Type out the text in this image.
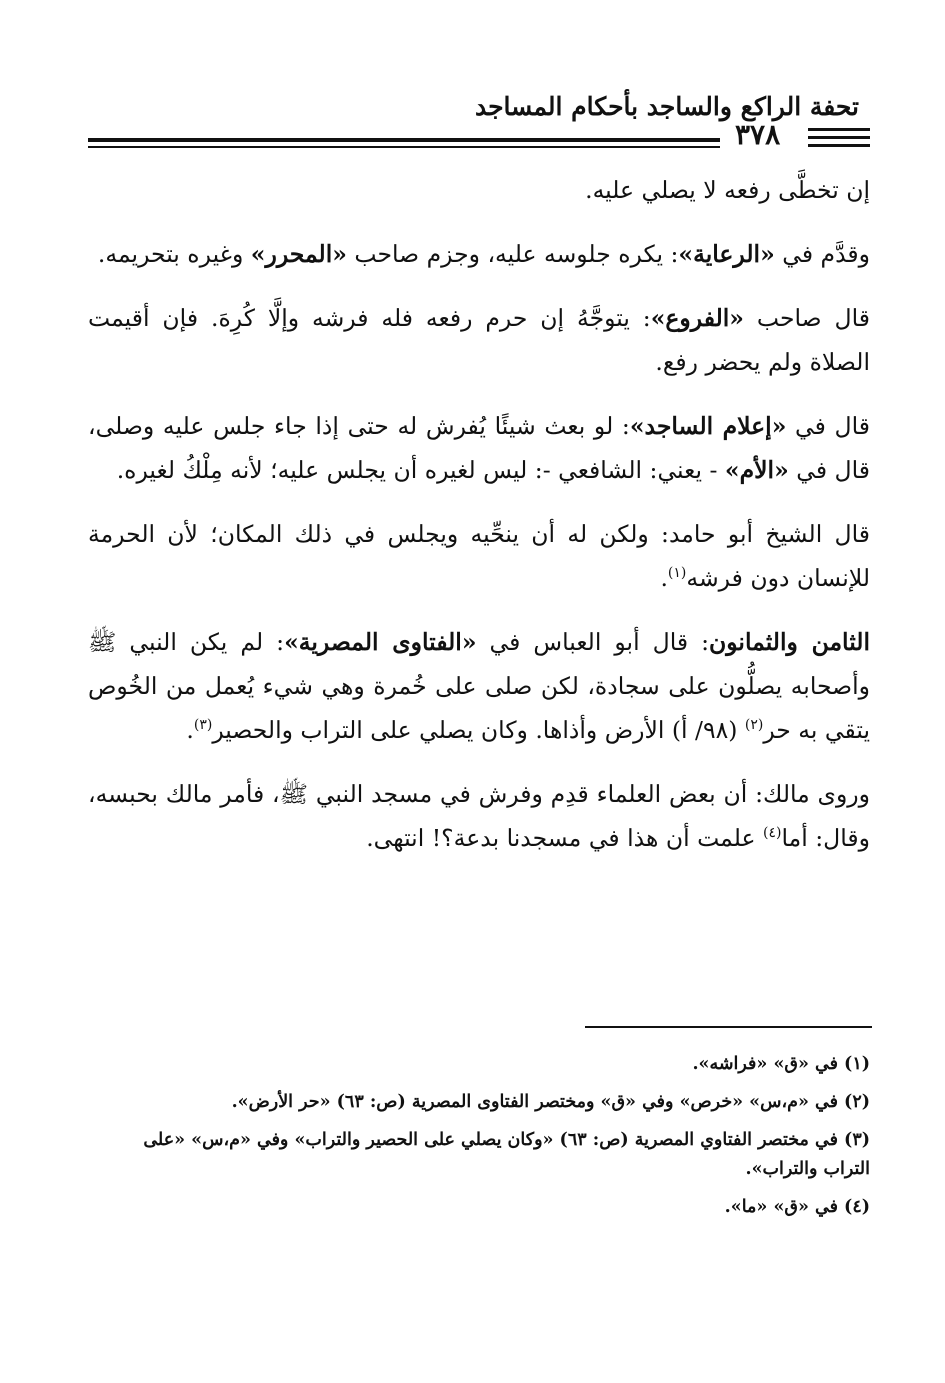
تحفة الراكع والساجد بأحكام المساجد
٣٧٨

إن تخطَّى رفعه لا يصلي عليه.

وقدَّم في «الرعاية»: يكره جلوسه عليه، وجزم صاحب «المحرر» وغيره بتحريمه.

قال صاحب «الفروع»: يتوجَّهُ إن حرم رفعه فله فرشه وإلَّا كُرِهَ. فإن أقيمت الصلاة ولم يحضر رفع.

قال في «إعلام الساجد»: لو بعث شيئًا يُفرش له حتى إذا جاء جلس عليه وصلى، قال في «الأم» - يعني: الشافعي -: ليس لغيره أن يجلس عليه؛ لأنه مِلْكُ لغيره.

قال الشيخ أبو حامد: ولكن له أن ينحِّيه ويجلس في ذلك المكان؛ لأن الحرمة للإنسان دون فرشه$^{(١)}$.

الثامن والثمانون: قال أبو العباس في «الفتاوى المصرية»: لم يكن النبي ﷺ وأصحابه يصلُّون على سجادة، لكن صلى على خُمرة وهي شيء يُعمل من الخُوص يتقي به حر$^{(٢)}$ (٩٨/ أ) الأرض وأذاها. وكان يصلي على التراب والحصير$^{(٣)}$.

وروى مالك: أن بعض العلماء قدِم وفرش في مسجد النبي ﷺ، فأمر مالك بحبسه، وقال: أما$^{(٤)}$ علمت أن هذا في مسجدنا بدعة؟! انتهى.

(١) في «ق» «فراشه».
(٢) في «م،س» «خرص» وفي «ق» ومختصر الفتاوى المصرية (ص: ٦٣) «حر الأرض».
(٣) في مختصر الفتاوي المصرية (ص: ٦٣) «وكان يصلي على الحصير والتراب» وفي «م،س» «على التراب والتراب».
(٤) في «ق» «ما».
